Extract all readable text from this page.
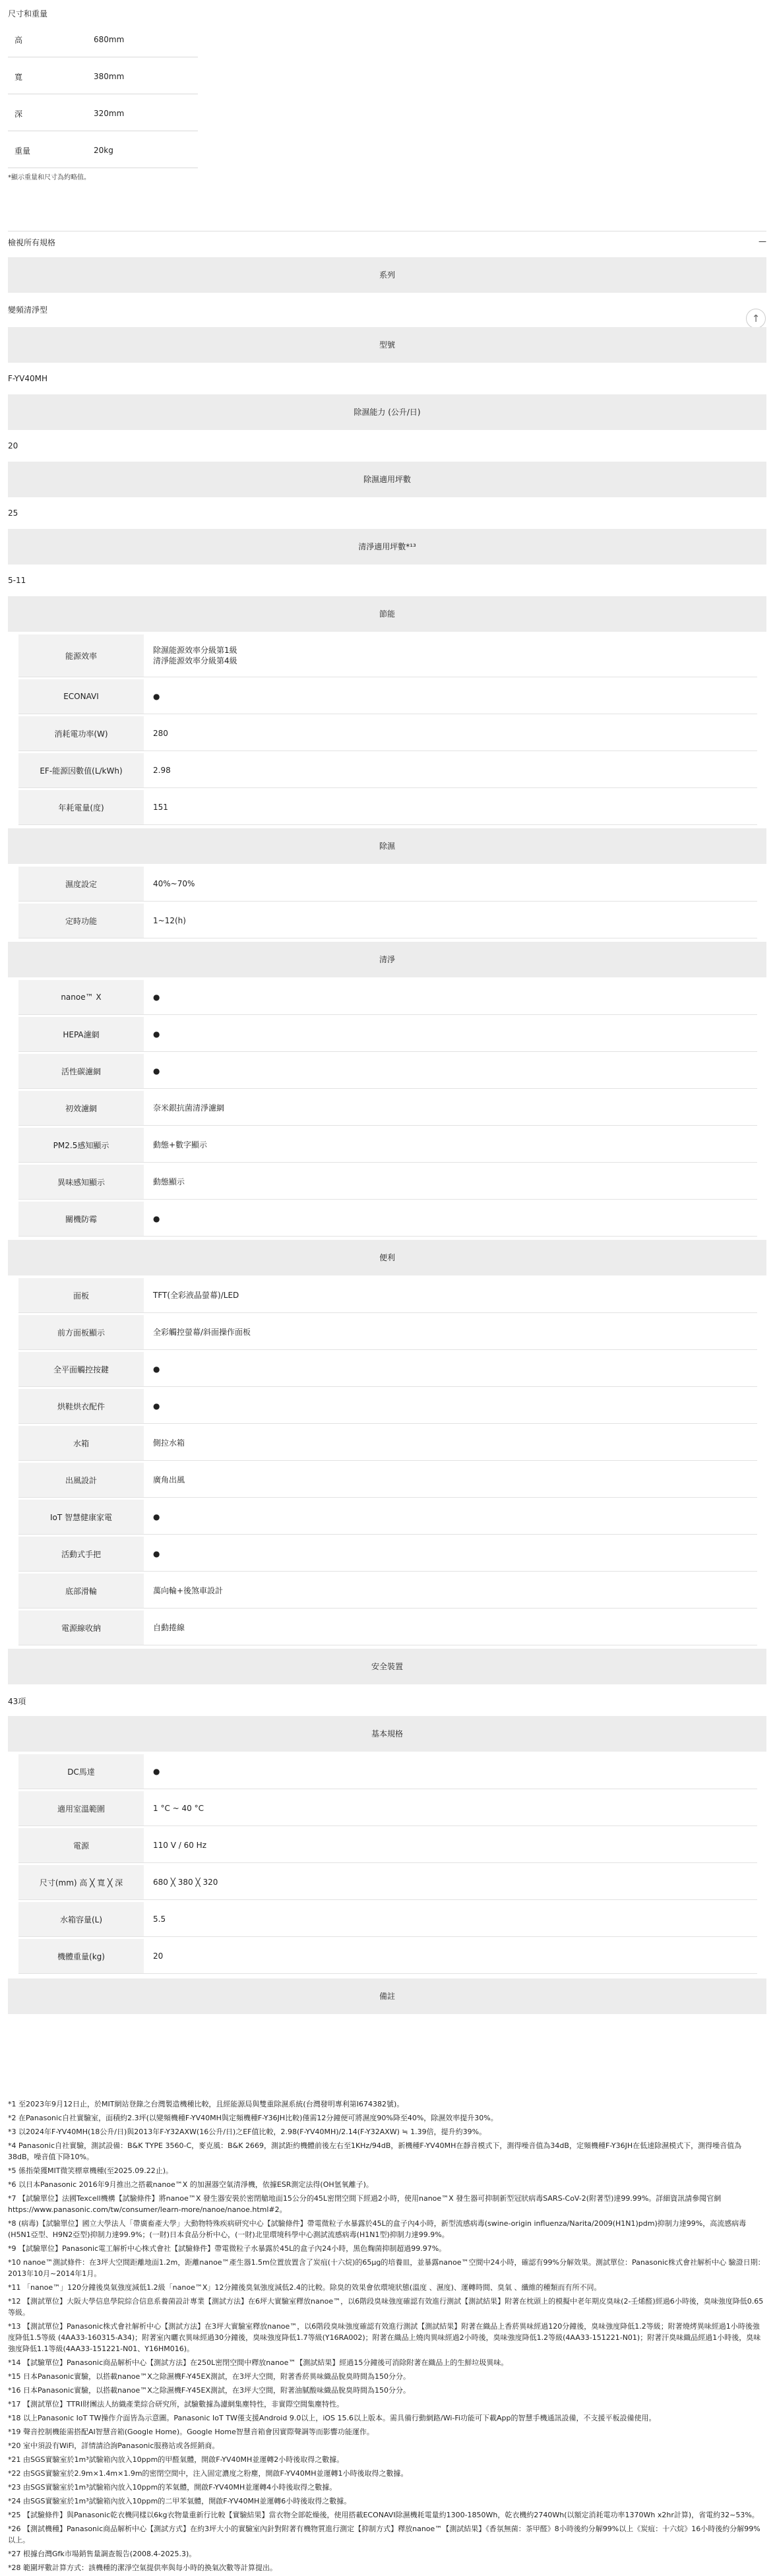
尺寸和重量
高	680mm
寬	380mm
深	320mm
重量	20kg
*顯示重量和尺寸為約略值。
檢視所有規格	—
系列
變頻清淨型
↑
型號
F-YV40MH
除濕能力 (公升/日)
20
除濕適用坪數
25
清淨適用坪數*¹³
5-11
節能
能源效率
除濕能源效率分級第1級
清淨能源效率分級第4級
ECONAVI	●
消耗電功率(W)	280
EF-能源因數值(L/kWh)	2.98
年耗電量(度)	151
除濕
濕度設定	40%~70%
定時功能	1~12(h)
清淨
nanoe™ X	●
HEPA濾網	●
活性碳濾網	●
初效濾網	奈米銀抗菌清淨濾網
PM2.5感知顯示	動態+數字顯示
異味感知顯示	動態顯示
關機防霉	●
便利
面板	TFT(全彩液晶螢幕)/LED
前方面板顯示	全彩觸控螢幕/斜面操作面板
全平面觸控按鍵	●
烘鞋烘衣配件	●
水箱	側拉水箱
出風設計	廣角出風
IoT 智慧健康家電	●
活動式手把	●
底部滑輪	萬向輪+後煞車設計
電源線收納	自動捲線
安全裝置
43項
基本規格
DC馬達	●
適用室溫範圍	1 °C ~ 40 °C
電源	110 V / 60 Hz
尺寸(mm) 高 ╳ 寬 ╳ 深	680 ╳ 380 ╳ 320
水箱容量(L)	5.5
機體重量(kg)	20
備註
*1 至2023年9月12日止，於MIT網站登錄之台灣製造機種比較，且經能源局與雙重除濕系統(台灣發明專利第I674382號)。
*2 在Panasonic自社實驗室，面積約2.3坪(以變頻機種F-YV40MH與定頻機種F-Y36JH比較)僅需12分鐘便可將濕度90%降至40%，除濕效率提升30%。
*3 以2024年F-YV40MH(18公升/日)與2013年F-Y32AXW(16公升/日)之EF值比較，2.98(F-YV40MH)/2.14(F-Y32AXW) ≒ 1.39倍，提升約39%。
*4 Panasonic自社實驗，測試設備：B&K TYPE 3560-C，麥克風：B&K 2669，測試距約機體前後左右至1KHz/94dB，新機種F-YV40MH在靜音模式下，測得噪音值為34dB，定頻機種F-Y36JH在低速除濕模式下，測得噪音值為38dB，噪音值下降10%。
*5 係指榮獲MIT微笑標章機種(至2025.09.22止)。
*6 以日本Panasonic 2016年9月推出之搭載nanoe™X 的加濕器空氣清淨機，依據ESR測定法得(OH氫氧離子)。
*7 【試驗單位】法國Texcell機構【試驗條件】將nanoe™X 發生器安裝於密閉艙地面15公分的45L密閉空間下經過2小時，使用nanoe™X 發生器可抑制新型冠狀病毒SARS-CoV-2(附著型)達99.99%。詳細資訊請參閱官網https://www.panasonic.com/tw/consumer/learn-more/nanoe/nanoe.html#2。
*8 (病毒)【試驗單位】國立大學法人「帶廣畜產大學」大動物特殊疾病研究中心【試驗條件】帶電微粒子水暴露於45L的盒子內4小時，新型流感病毒(swine-origin influenza/Narita/2009(H1N1)pdm)抑制力達99%，高流感病毒(H5N1亞型、H9N2亞型)抑制力達99.9%；(一財)日本食品分析中心，(一財)北里環境科學中心測試流感病毒(H1N1型)抑制力達99.9%。
*9 【試驗單位】Panasonic電工解析中心株式會社【試驗條件】帶電微粒子水暴露於45L的盒子內24小時，黑色麴菌抑制超過99.97%。
*10 nanoe™測試條件：在3坪大空間距離地面1.2m，距離nanoe™產生器1.5m位置放置含了炭疽(十六烷)的65μg的培養皿，並暴露nanoe™空間中24小時，確認有99%分解效果。測試單位：Panasonic株式會社解析中心 驗證日期：2013年10月~2014年1月。
*11 「nanoe™」120分鐘後臭氣強度減低1.2級「nanoe™X」12分鐘後臭氣強度減低2.4的比較。除臭的效果會依環境狀態(溫度 、濕度)、運轉時間、臭氣 、纖維的種類而有所不同。
*12 【測試單位】大阪大學信息學院綜合信息系養菌設計專業【測試方法】在6坪大實驗室釋放nanoe™，以6階段臭味強度確認有效進行測試【測試結果】附著在枕頭上的模擬中老年期皮臭味(2-壬烯醛)經過6小時後，臭味強度降低0.65等級。
*13 【測試單位】Panasonic株式會社解析中心【測試方法】在3坪大實驗室釋放nanoe™，以6階段臭味強度確認有效進行測試【測試結果】附著在織品上香菸異味經過120分鐘後，臭味強度降低1.2等級；附著燒烤異味經過1小時後強度降低1.5等級 (4AA33-160315-A34)；附著室內曬衣異味經過30分鐘後，臭味強度降低1.7等級(Y16RA002)；附著在織品上燒肉異味經過2小時後，臭味強度降低1.2等級(4AA33-151221-N01)；附著汗臭味織品經過1小時後，臭味強度降低1.1等級(4AA33-151221-N01、Y16HM016)。
*14 【試驗單位】Panasonic商品解析中心【測試方法】在250L密閉空間中釋放nanoe™【測試結果】經過15分鐘後可消除附著在織品上的生鮮垃圾異味。
*15 日本Panasonic實驗，以搭載nanoe™X之除濕機F-Y45EX測試，在3坪大空間，附著香菸異味織品脫臭時間為150分分。
*16 日本Panasonic實驗，以搭載nanoe™X之除濕機F-Y45EX測試，在3坪大空間，附著油膩酸味織品脫臭時間為150分分。
*17 【測試單位】TTRI財團法人紡織產業綜合研究所，試驗數據為濾網集塵特性，非實際空間集塵特性。
*18 以上Panasonic IoT TW操作介面皆為示意圖。Panasonic IoT TW僅支援Android 9.0以上，iOS 15.6以上版本。需具備行動網路/Wi-Fi功能可下載App的智慧手機通訊設備，不支援平板設備使用。
*19 聲音控制機能需搭配AI智慧音箱(Google Home)。Google Home智慧音箱會因實際聲調等而影響功能運作。
*20 室中須設有WiFi，詳情請洽詢Panasonic服務站或各經銷商。
*21 由SGS實驗室於1m³試驗箱內放入10ppm的甲醛氣體，開啟F-YV40MH並運轉2小時後取得之數據。
*22 由SGS實驗室於2.9m×1.4m×1.9m的密閉空間中，注入固定濃度之粉塵，開啟F-YV40MH並運轉1小時後取得之數據。
*23 由SGS實驗室於1m³試驗箱內放入10ppm的苯氣體，開啟F-YV40MH並運轉4小時後取得之數據。
*24 由SGS實驗室於1m³試驗箱內放入10ppm的二甲苯氣體，開啟F-YV40MH並運轉6小時後取得之數據。
*25 【試驗條件】與Panasonic乾衣機同樣以6kg衣物量重新行比較【實驗結果】當衣物全部乾燥後，使用搭載ECONAVI除濕機耗電量約1300-1850Wh，乾衣機約2740Wh(以額定消耗電功率1370Wh x2hr計算)，省電約32~53%。
*26 【測試機種】Panasonic商品解析中心【測試方式】在約3坪大小的實驗室內針對附著有機物質進行測定【抑制方式】釋放nanoe™【測試結果】《香氛無菌：茶甲醛》8小時後約分解99%以上《炭疽：十六烷》16小時後約分解99%以上。
*27 根據台灣Gfk市場銷售量調查報告(2008.4-2025.3)。
*28 範圍坪數計算方式：該機種的潔淨空氣提供率與每小時的換氣次數等計算提出。
